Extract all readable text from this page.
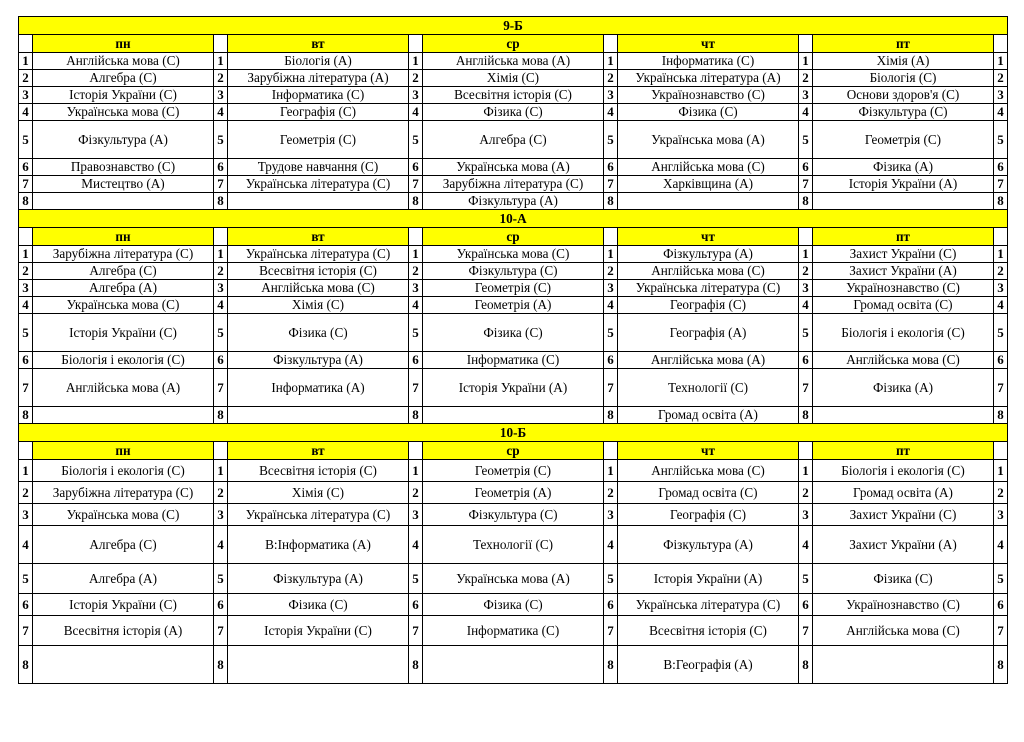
9-Б										
	пн		вт		ср		чт		пт	
1	Англійська мова (С)	1	Біологія (А)	1	Англійська мова (А)	1	Інформатика (С)	1	Хімія (А)	1
2	Алгебра (С)	2	Зарубіжна література (А)	2	Хімія (С)	2	Українська література (А)	2	Біологія (С)	2
3	Історія України (С)	3	Інформатика (С)	3	Всесвітня історія (С)	3	Українознавство (С)	3	Основи здоров'я (С)	3
4	Українська мова (С)	4	Географія (С)	4	Фізика (С)	4	Фізика (С)	4	Фізкультура (С)	4
5	Фізкультура (А)	5	Геометрія (С)	5	Алгебра (С)	5	Українська мова (А)	5	Геометрія (С)	5
6	Правознавство (С)	6	Трудове навчання (С)	6	Українська мова (А)	6	Англійська мова (С)	6	Фізика (А)	6
7	Мистецтво (А)	7	Українська література (С)	7	Зарубіжна література (С)	7	Харківщина (А)	7	Історія України (А)	7
8		8		8	Фізкультура (А)	8		8		8
10-А										
	пн		вт		ср		чт		пт	
1	Зарубіжна література (С)	1	Українська література (С)	1	Українська мова (С)	1	Фізкультура (А)	1	Захист України (С)	1
2	Алгебра (С)	2	Всесвітня історія (С)	2	Фізкультура (С)	2	Англійська мова (С)	2	Захист України (А)	2
3	Алгебра (А)	3	Англійська мова (С)	3	Геометрія (С)	3	Українська література (С)	3	Українознавство (С)	3
4	Українська мова (С)	4	Хімія (С)	4	Геометрія (А)	4	Географія (С)	4	Громад освіта (С)	4
5	Історія України (С)	5	Фізика (С)	5	Фізика (С)	5	Географія (А)	5	Біологія і екологія (С)	5
6	Біологія і екологія (С)	6	Фізкультура (А)	6	Інформатика (С)	6	Англійська мова (А)	6	Англійська мова (С)	6
7	Англійська мова (А)	7	Інформатика (А)	7	Історія України (А)	7	Технології (С)	7	Фізика (А)	7
8		8		8		8	Громад освіта (А)	8		8
10-Б										
	пн		вт		ср		чт		пт	
1	Біологія і екологія (С)	1	Всесвітня історія (С)	1	Геометрія (С)	1	Англійська мова (С)	1	Біологія і екологія (С)	1
2	Зарубіжна література (С)	2	Хімія (С)	2	Геометрія (А)	2	Громад освіта (С)	2	Громад освіта (А)	2
3	Українська мова (С)	3	Українська література (С)	3	Фізкультура (С)	3	Географія (С)	3	Захист України (С)	3
4	Алгебра (С)	4	В:Інформатика (А)	4	Технології (С)	4	Фізкультура (А)	4	Захист України (А)	4
5	Алгебра (А)	5	Фізкультура (А)	5	Українська мова (А)	5	Історія України (А)	5	Фізика (С)	5
6	Історія України (С)	6	Фізика (С)	6	Фізика (С)	6	Українська література (С)	6	Українознавство (С)	6
7	Всесвітня історія (А)	7	Історія України (С)	7	Інформатика (С)	7	Всесвітня історія (С)	7	Англійська мова (С)	7
8		8		8		8	В:Географія (А)	8		8
